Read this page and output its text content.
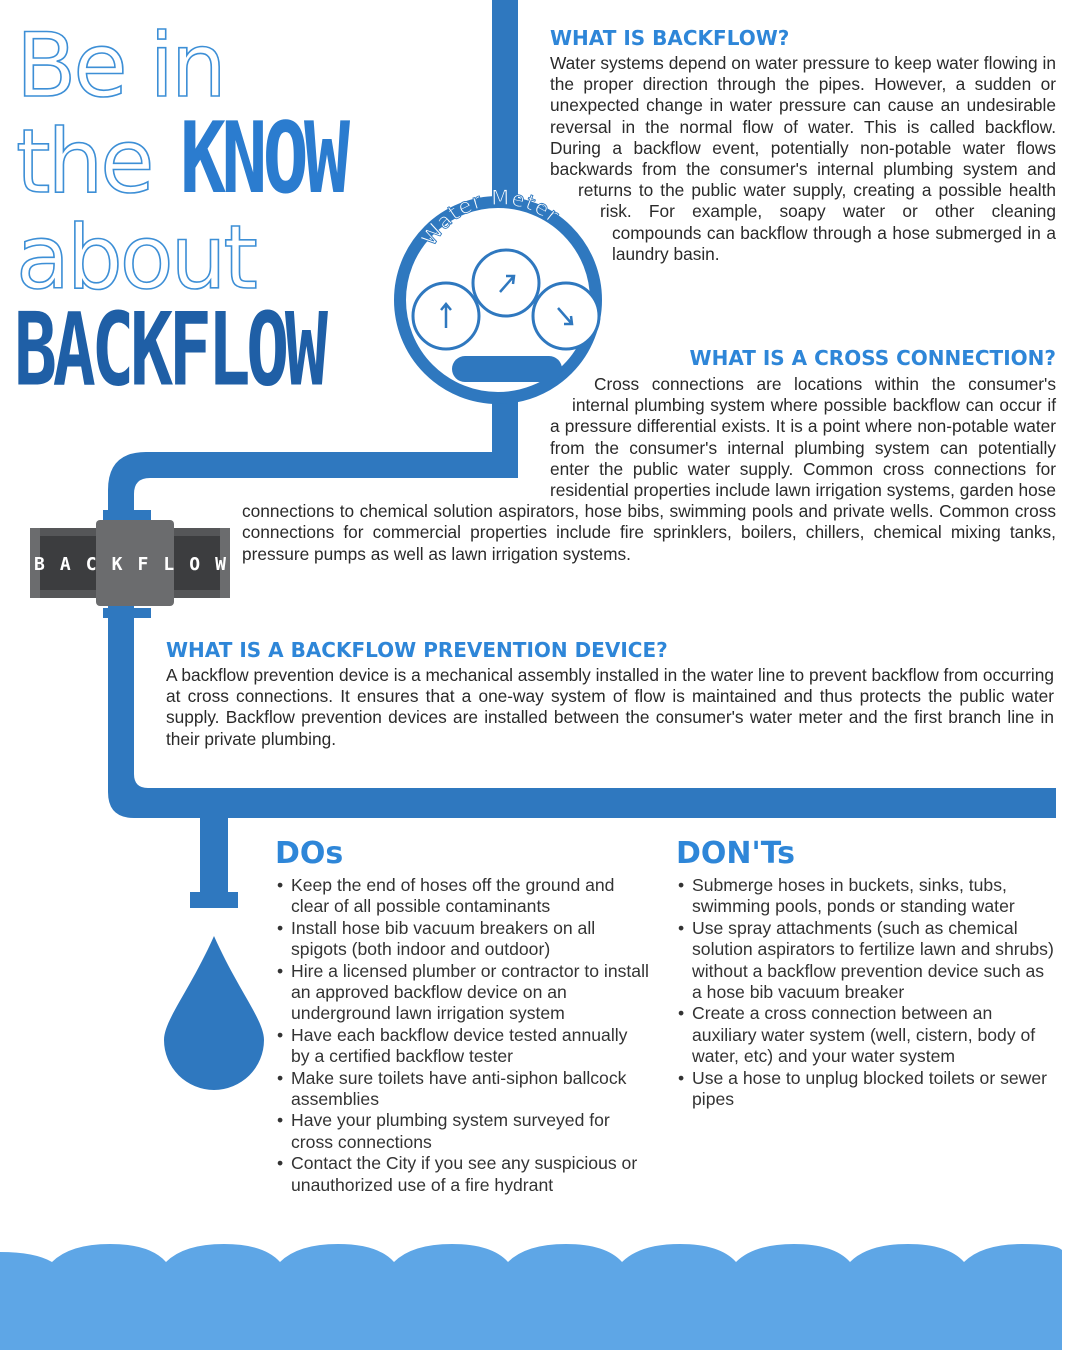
Water Meter
B A C K F L O W
Be in
the KNOW
about
BACKFLOW
WHAT IS BACKFLOW?

Water systems depend on water pressure to keep water flowing in the proper direction through the pipes. However, a sudden or unexpected change in water pressure can cause an undesirable reversal in the normal flow of water. This is called backflow. During a backflow event, potentially non-potable water flows backwards from the consumer's internal plumbing system and returns to the public water supply, creating a possible health risk. For example, soapy water or other cleaning compounds can backflow through a hose submerged in a laundry basin.

WHAT IS A CROSS CONNECTION?

Cross connections are locations within the consumer's internal plumbing system where possible backflow can occur if a pressure differential exists. It is a point where non-potable water from the consumer's internal plumbing system can potentially enter the public water supply. Common cross connections for residential properties include lawn irrigation systems, garden hose connections to chemical solution aspirators, hose bibs, swimming pools and private wells. Common cross connections for commercial properties include fire sprinklers, boilers, chillers, chemical mixing tanks, pressure pumps as well as lawn irrigation systems.

WHAT IS A BACKFLOW PREVENTION DEVICE?

A backflow prevention device is a mechanical assembly installed in the water line to prevent backflow from occurring at cross connections. It ensures that a one-way system of flow is maintained and thus protects the public water supply. Backflow prevention devices are installed between the consumer's water meter and the first branch line in their private plumbing.

DOs
• Keep the end of hoses off the ground and clear of all possible contaminants
• Install hose bib vacuum breakers on all spigots (both indoor and outdoor)
• Hire a licensed plumber or contractor to install an approved backflow device on an underground lawn irrigation system
• Have each backflow device tested annually by a certified backflow tester
• Make sure toilets have anti-siphon ballcock assemblies
• Have your plumbing system surveyed for cross connections
• Contact the City if you see any suspicious or unauthorized use of a fire hydrant
DON'Ts
• Submerge hoses in buckets, sinks, tubs, swimming pools, ponds or standing water
• Use spray attachments (such as chemical solution aspirators to fertilize lawn and shrubs) without a backflow prevention device such as a hose bib vacuum breaker
• Create a cross connection between an auxiliary water system (well, cistern, body of water, etc) and your water system
• Use a hose to unplug blocked toilets or sewer pipes
